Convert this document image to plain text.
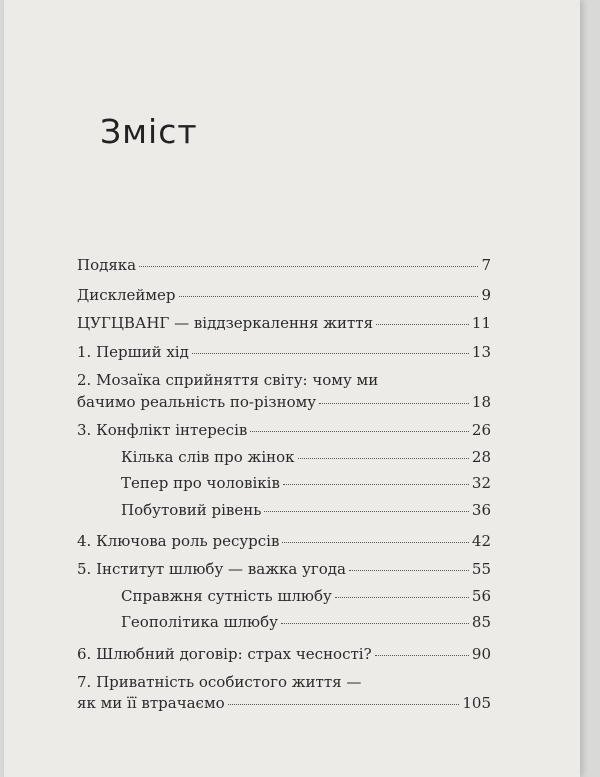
Зміст
Подяка	7
Дисклеймер	9
ЦУГЦВАНГ — віддзеркалення життя	11
1. Перший хід	13
2. Мозаїка сприйняття світу: чому ми
бачимо реальність по-різному	18
3. Конфлікт інтересів	26
Кілька слів про жінок	28
Тепер про чоловіків	32
Побутовий рівень	36
4. Ключова роль ресурсів	42
5. Інститут шлюбу — важка угода	55
Справжня сутність шлюбу	56
Геополітика шлюбу	85
6. Шлюбний договір: страх чесності?	90
7. Приватність особистого життя —
як ми її втрачаємо	105
